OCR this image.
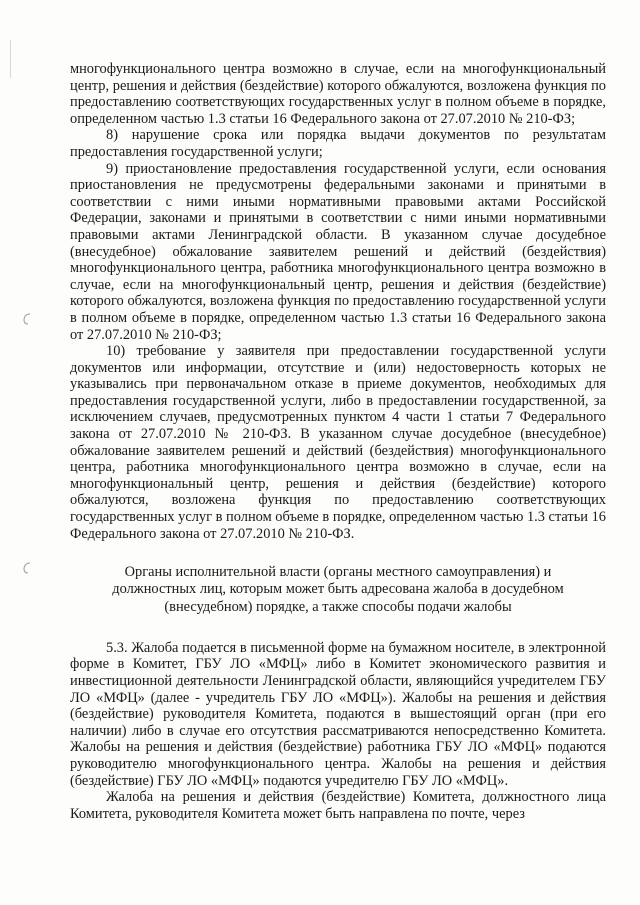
многофункционального центра возможно в случае, если на многофункциональный центр, решения и действия (бездействие) которого обжалуются, возложена функция по предоставлению соответствующих государственных услуг в полном объеме в порядке, определенном частью 1.3 статьи 16 Федерального закона от 27.07.2010 № 210-ФЗ;

8) нарушение срока или порядка выдачи документов по результатам предоставления государственной услуги;

9) приостановление предоставления государственной услуги, если основания приостановления не предусмотрены федеральными законами и принятыми в соответствии с ними иными нормативными правовыми актами Российской Федерации, законами и принятыми в соответствии с ними иными нормативными правовыми актами Ленинградской области. В указанном случае досудебное (внесудебное) обжалование заявителем решений и действий (бездействия) многофункционального центра, работника многофункционального центра возможно в случае, если на многофункциональный центр, решения и действия (бездействие) которого обжалуются, возложена функция по предоставлению государственной услуги в полном объеме в порядке, определенном частью 1.3 статьи 16 Федерального закона от 27.07.2010 № 210-ФЗ;

10) требование у заявителя при предоставлении государственной услуги документов или информации, отсутствие и (или) недостоверность которых не указывались при первоначальном отказе в приеме документов, необходимых для предоставления государственной услуги, либо в предоставлении государственной, за исключением случаев, предусмотренных пунктом 4 части 1 статьи 7 Федерального закона от 27.07.2010 № 210-ФЗ. В указанном случае досудебное (внесудебное) обжалование заявителем решений и действий (бездействия) многофункционального центра, работника многофункционального центра возможно в случае, если на многофункциональный центр, решения и действия (бездействие) которого обжалуются, возложена функция по предоставлению соответствующих государственных услуг в полном объеме в порядке, определенном частью 1.3 статьи 16 Федерального закона от 27.07.2010 № 210-ФЗ.

Органы исполнительной власти (органы местного самоуправления) и должностных лиц, которым может быть адресована жалоба в досудебном (внесудебном) порядке, а также способы подачи жалобы

5.3. Жалоба подается в письменной форме на бумажном носителе, в электронной форме в Комитет, ГБУ ЛО «МФЦ» либо в Комитет экономического развития и инвестиционной деятельности Ленинградской области, являющийся учредителем ГБУ ЛО «МФЦ» (далее - учредитель ГБУ ЛО «МФЦ»). Жалобы на решения и действия (бездействие) руководителя Комитета, подаются в вышестоящий орган (при его наличии) либо в случае его отсутствия рассматриваются непосредственно Комитета. Жалобы на решения и действия (бездействие) работника ГБУ ЛО «МФЦ» подаются руководителю многофункционального центра. Жалобы на решения и действия (бездействие) ГБУ ЛО «МФЦ» подаются учредителю ГБУ ЛО «МФЦ».

Жалоба на решения и действия (бездействие) Комитета, должностного лица Комитета, руководителя Комитета может быть направлена по почте, через
